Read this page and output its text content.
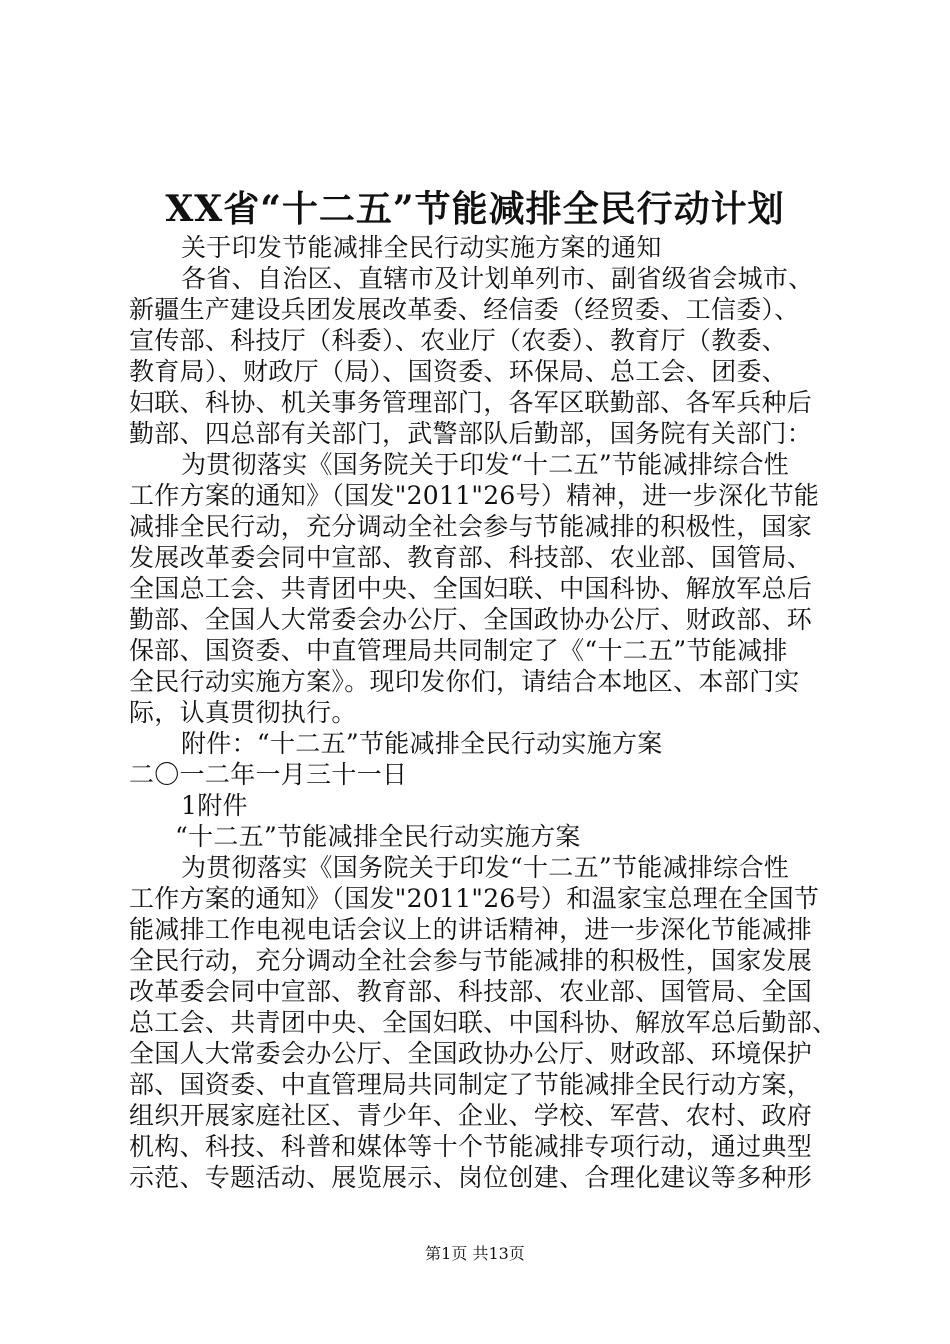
XX省“十二五”节能减排全民行动计划
关于印发节能减排全民行动实施方案的通知
各省、自治区、直辖市及计划单列市、副省级省会城市、
新疆生产建设兵团发展改革委、经信委（经贸委、工信委）、
宣传部、科技厅（科委）、农业厅（农委）、教育厅（教委、
教育局）、财政厅（局）、国资委、环保局、总工会、团委、
妇联、科协、机关事务管理部门，各军区联勤部、各军兵种后
勤部、四总部有关部门，武警部队后勤部，国务院有关部门：
为贯彻落实《国务院关于印发“十二五”节能减排综合性
工作方案的通知》（国发"2011"26号）精神，进一步深化节能
减排全民行动，充分调动全社会参与节能减排的积极性，国家
发展改革委会同中宣部、教育部、科技部、农业部、国管局、
全国总工会、共青团中央、全国妇联、中国科协、解放军总后
勤部、全国人大常委会办公厅、全国政协办公厅、财政部、环
保部、国资委、中直管理局共同制定了《“十二五”节能减排
全民行动实施方案》。现印发你们，请结合本地区、本部门实
际，认真贯彻执行。
附件：“十二五”节能减排全民行动实施方案
二〇一二年一月三十一日
1附件
“十二五”节能减排全民行动实施方案
为贯彻落实《国务院关于印发“十二五”节能减排综合性
工作方案的通知》（国发"2011"26号）和温家宝总理在全国节
能减排工作电视电话会议上的讲话精神，进一步深化节能减排
全民行动，充分调动全社会参与节能减排的积极性，国家发展
改革委会同中宣部、教育部、科技部、农业部、国管局、全国
总工会、共青团中央、全国妇联、中国科协、解放军总后勤部、
全国人大常委会办公厅、全国政协办公厅、财政部、环境保护
部、国资委、中直管理局共同制定了节能减排全民行动方案，
组织开展家庭社区、青少年、企业、学校、军营、农村、政府
机构、科技、科普和媒体等十个节能减排专项行动，通过典型
示范、专题活动、展览展示、岗位创建、合理化建议等多种形
第1页 共13页
